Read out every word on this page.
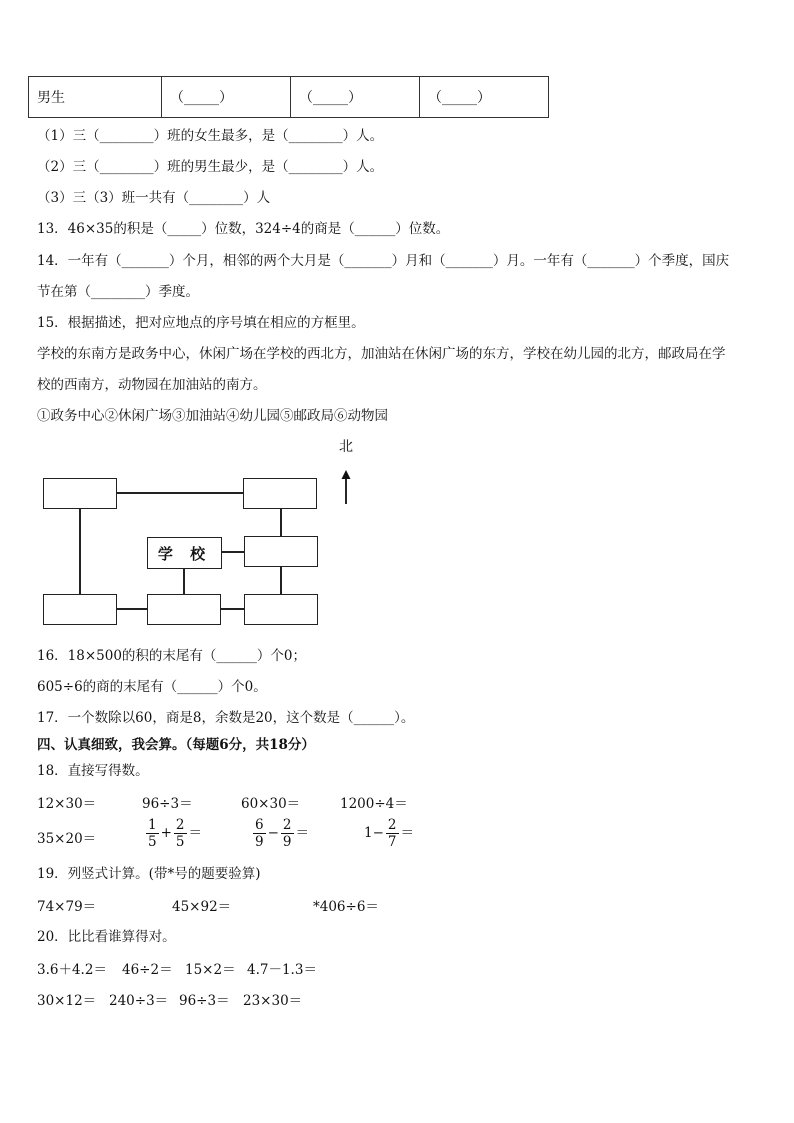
男生	（_____）	（_____）	（_____）
（1）三（________）班的女生最多，是（________）人。
（2）三（________）班的男生最少，是（________）人。
（3）三（3）班一共有（________）人
13．46×35的积是（_____）位数，324÷4的商是（______）位数。
14．一年有（_______）个月，相邻的两个大月是（_______）月和（_______）月。一年有（_______）个季度，国庆
节在第（________）季度。
15．根据描述，把对应地点的序号填在相应的方框里。
学校的东南方是政务中心，休闲广场在学校的西北方，加油站在休闲广场的东方，学校在幼儿园的北方，邮政局在学
校的西南方，动物园在加油站的南方。
①政务中心②休闲广场③加油站④幼儿园⑤邮政局⑥动物园
学 校
北
16．18×500的积的末尾有（______）个0；
605÷6的商的末尾有（______）个0。
17．一个数除以60，商是8，余数是20，这个数是（______）。
四、认真细致，我会算。（每题6分，共18分）
18．直接写得数。
12×30＝	96÷3＝	60×30＝	1200÷4＝
35×20＝	$\frac{1}{5} + \frac{2}{5}$ ＝	$\frac{6}{9} - \frac{2}{9}$ ＝	$1- \frac{2}{7}$ ＝
19．列竖式计算。(带*号的题要验算)
74×79＝	45×92＝	*406÷6＝
20．比比看谁算得对。
3.6＋4.2＝ 46÷2＝ 15×2＝ 4.7－1.3＝
30×12＝ 240÷3＝ 96÷3＝ 23×30＝
